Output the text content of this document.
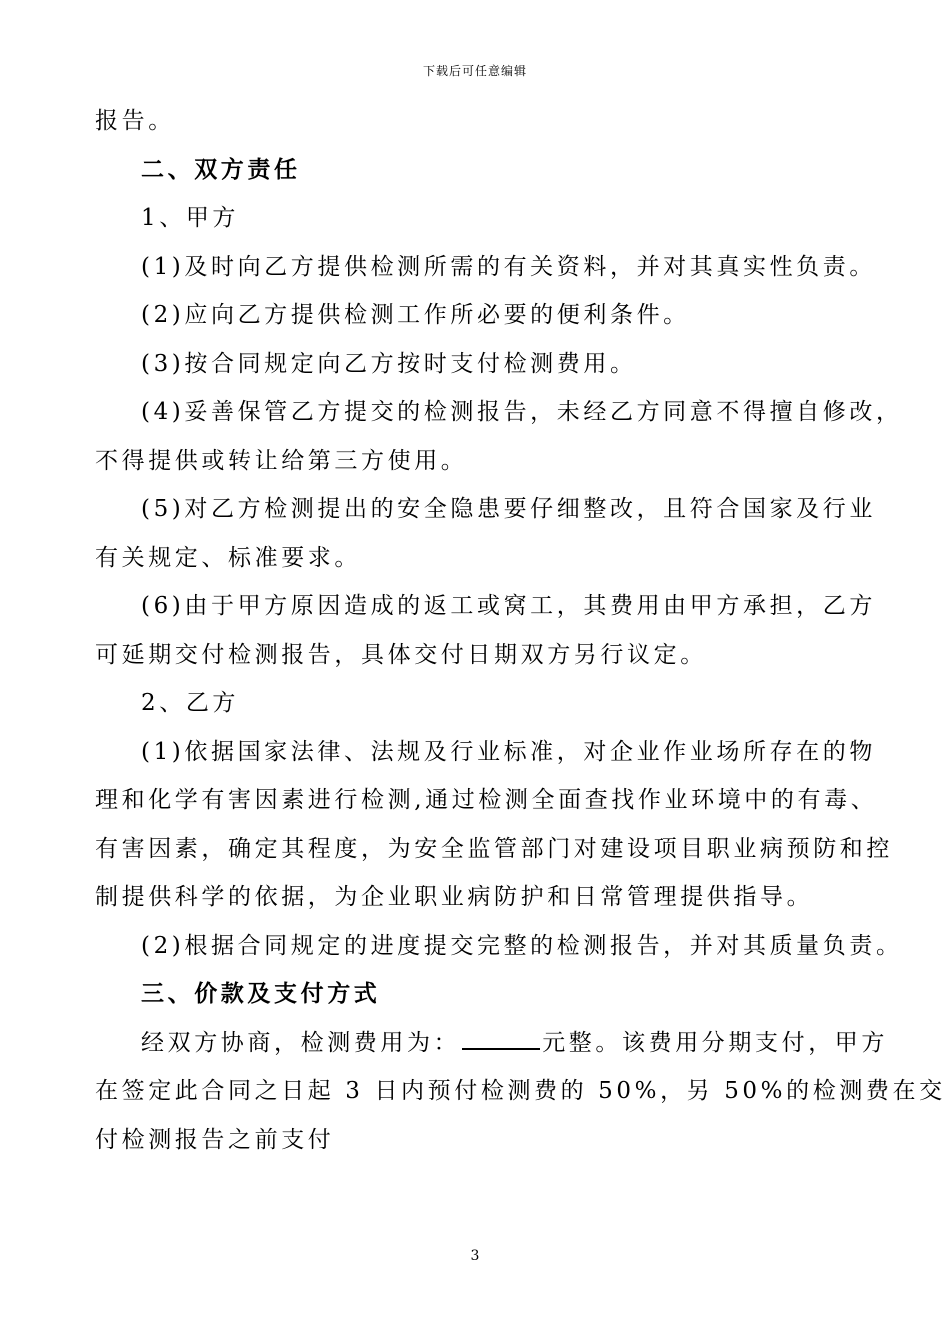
下载后可任意编辑

报告。

二、双方责任

1、甲方

(1)及时向乙方提供检测所需的有关资料，并对其真实性负责。

(2)应向乙方提供检测工作所必要的便利条件。

(3)按合同规定向乙方按时支付检测费用。

(4)妥善保管乙方提交的检测报告，未经乙方同意不得擅自修改，

不得提供或转让给第三方使用。

(5)对乙方检测提出的安全隐患要仔细整改，且符合国家及行业

有关规定、标准要求。

(6)由于甲方原因造成的返工或窝工，其费用由甲方承担，乙方

可延期交付检测报告，具体交付日期双方另行议定。

2、乙方

(1)依据国家法律、法规及行业标准，对企业作业场所存在的物

理和化学有害因素进行检测,通过检测全面查找作业环境中的有毒、

有害因素，确定其程度，为安全监管部门对建设项目职业病预防和控

制提供科学的依据，为企业职业病防护和日常管理提供指导。

(2)根据合同规定的进度提交完整的检测报告，并对其质量负责。

三、价款及支付方式

经双方协商，检测费用为：	元整。该费用分期支付，甲方

在签定此合同之日起 3 日内预付检测费的 50%，另 50%的检测费在交

付检测报告之前支付

3
